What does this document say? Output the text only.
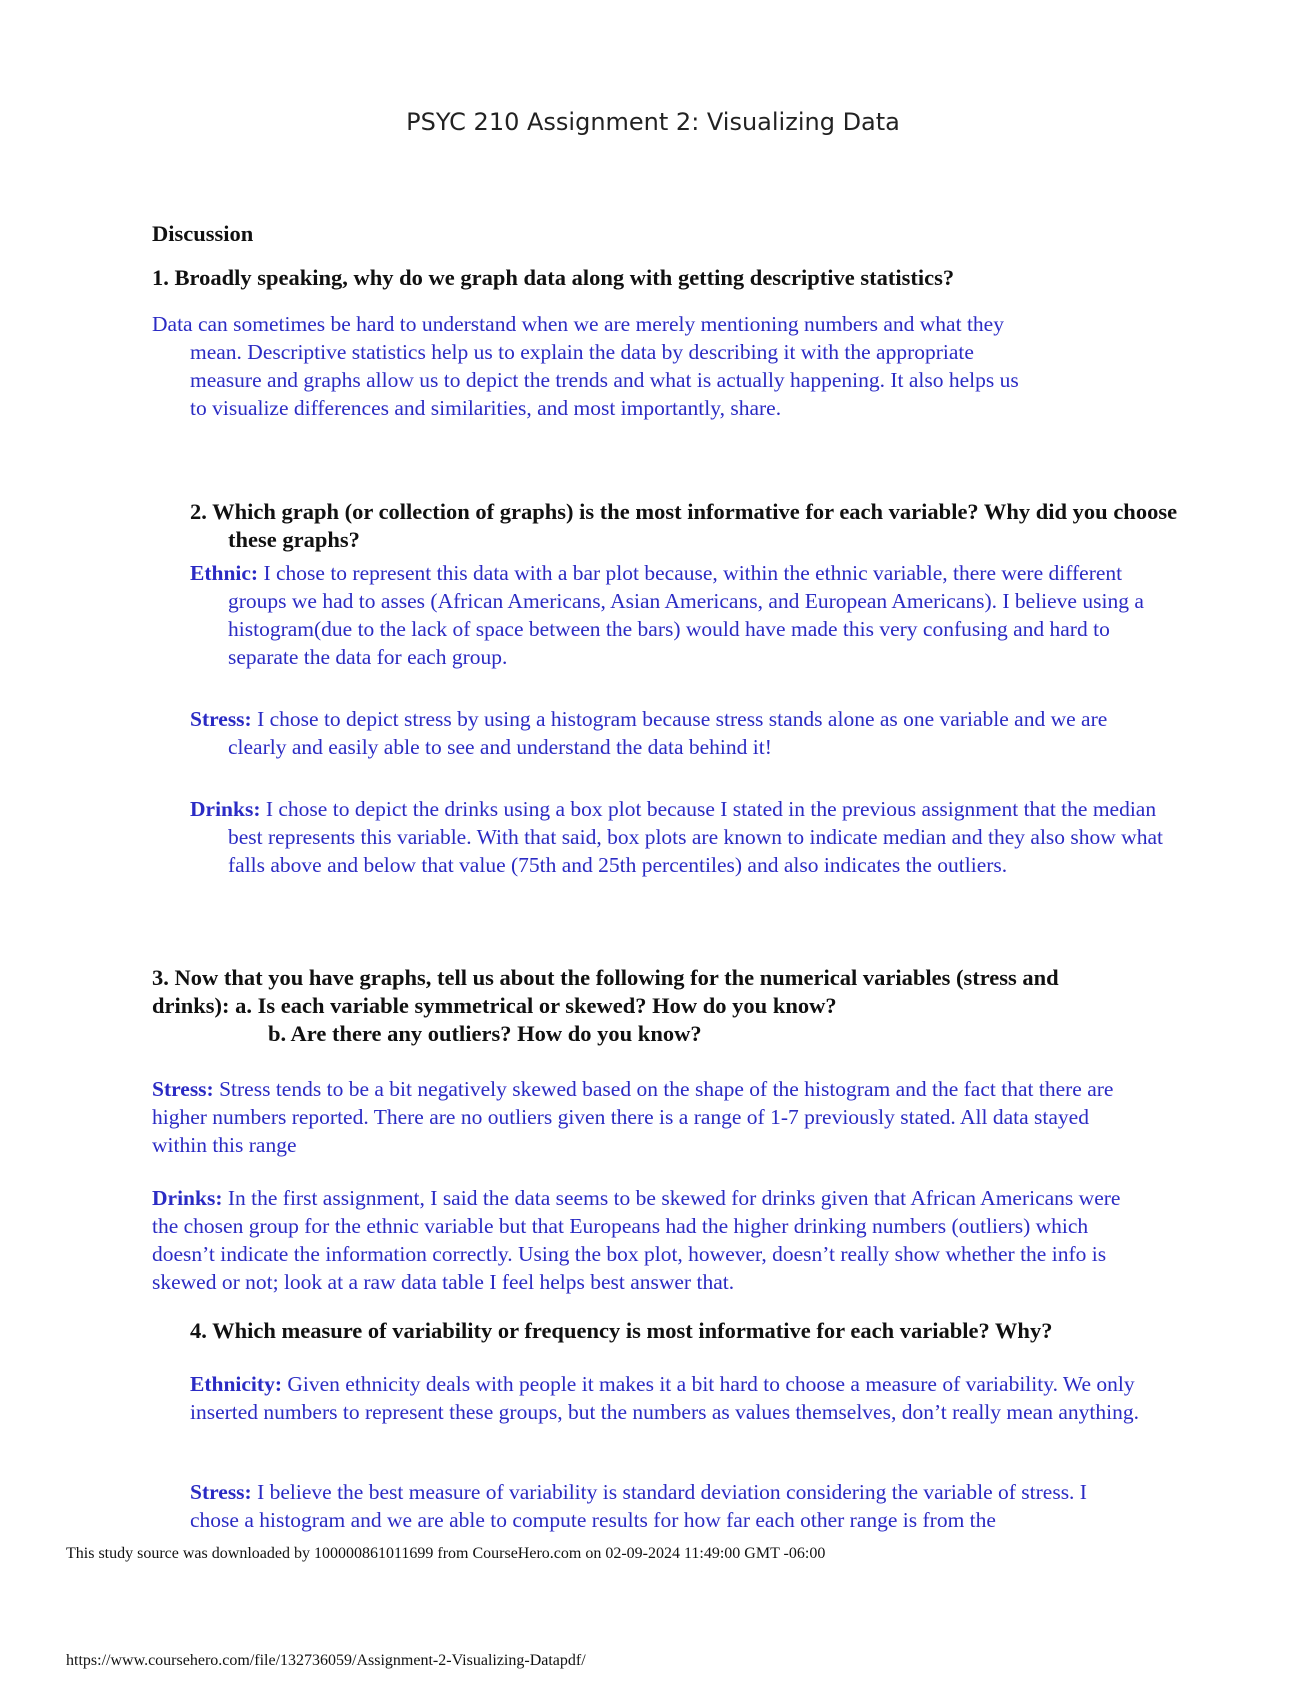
PSYC 210 Assignment 2: Visualizing Data
Discussion
1. Broadly speaking, why do we graph data along with getting descriptive statistics?
Data can sometimes be hard to understand when we are merely mentioning numbers and what they mean. Descriptive statistics help us to explain the data by describing it with the appropriate measure and graphs allow us to depict the trends and what is actually happening. It also helps us to visualize differences and similarities, and most importantly, share.
2. Which graph (or collection of graphs) is the most informative for each variable? Why did you choose these graphs?
Ethnic: I chose to represent this data with a bar plot because, within the ethnic variable, there were different groups we had to asses (African Americans, Asian Americans, and European Americans). I believe using a histogram(due to the lack of space between the bars) would have made this very confusing and hard to separate the data for each group.
Stress: I chose to depict stress by using a histogram because stress stands alone as one variable and we are clearly and easily able to see and understand the data behind it!
Drinks: I chose to depict the drinks using a box plot because I stated in the previous assignment that the median best represents this variable. With that said, box plots are known to indicate median and they also show what falls above and below that value (75th and 25th percentiles) and also indicates the outliers.
3. Now that you have graphs, tell us about the following for the numerical variables (stress and drinks): a. Is each variable symmetrical or skewed? How do you know?
b. Are there any outliers? How do you know?
Stress: Stress tends to be a bit negatively skewed based on the shape of the histogram and the fact that there are higher numbers reported. There are no outliers given there is a range of 1-7 previously stated. All data stayed within this range
Drinks: In the first assignment, I said the data seems to be skewed for drinks given that African Americans were the chosen group for the ethnic variable but that Europeans had the higher drinking numbers (outliers) which doesn’t indicate the information correctly. Using the box plot, however, doesn’t really show whether the info is skewed or not; look at a raw data table I feel helps best answer that.
4. Which measure of variability or frequency is most informative for each variable? Why?
Ethnicity: Given ethnicity deals with people it makes it a bit hard to choose a measure of variability. We only inserted numbers to represent these groups, but the numbers as values themselves, don’t really mean anything.
Stress: I believe the best measure of variability is standard deviation considering the variable of stress. I chose a histogram and we are able to compute results for how far each other range is from the
This study source was downloaded by 100000861011699 from CourseHero.com on 02-09-2024 11:49:00 GMT -06:00
https://www.coursehero.com/file/132736059/Assignment-2-Visualizing-Datapdf/
